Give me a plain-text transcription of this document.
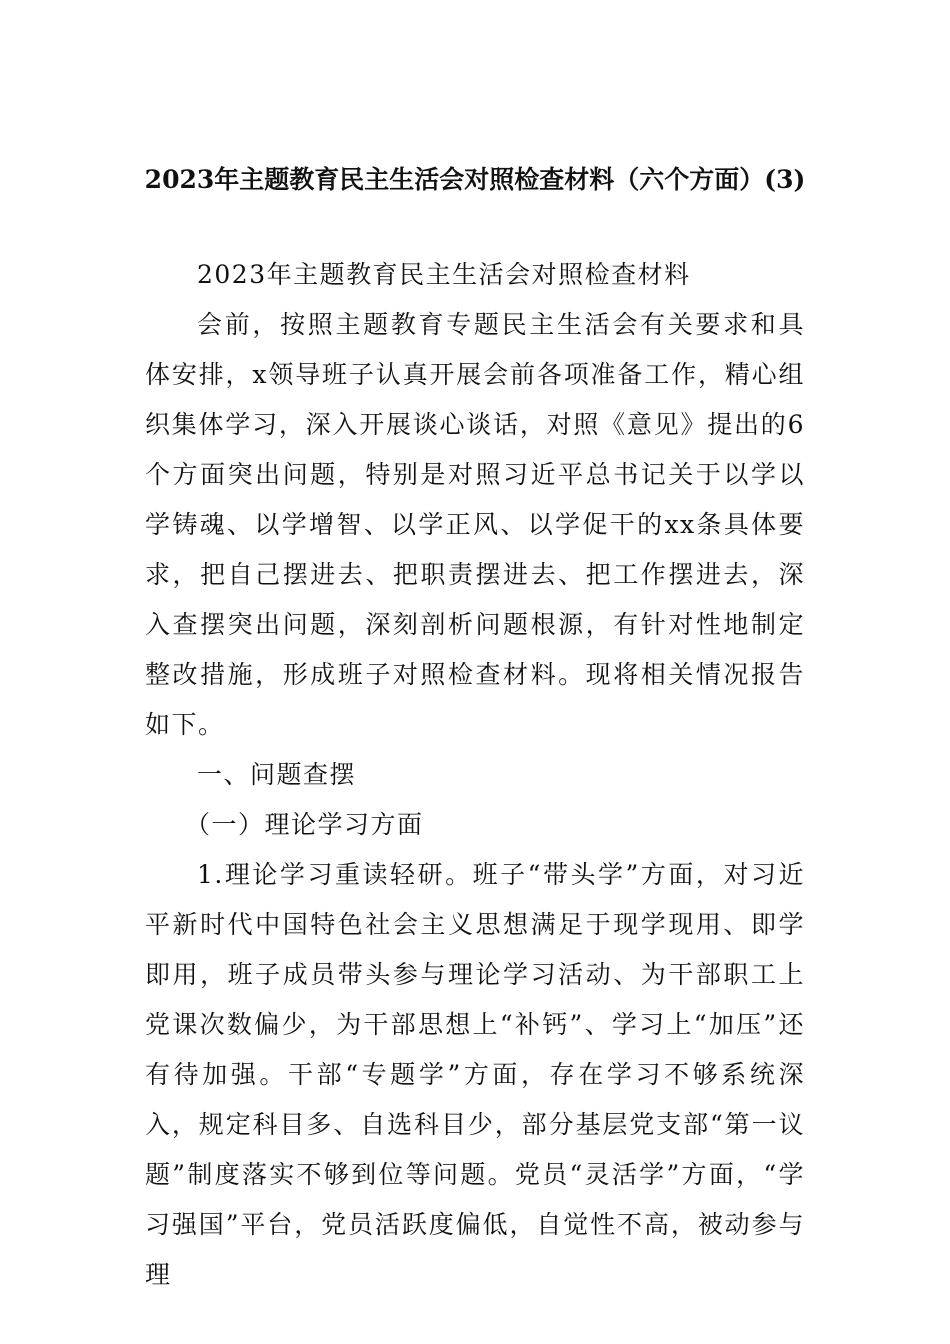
2023年主题教育民主生活会对照检查材料（六个方面）(3)

2023年主题教育民主生活会对照检查材料

会前，按照主题教育专题民主生活会有关要求和具体安排，x领导班子认真开展会前各项准备工作，精心组织集体学习，深入开展谈心谈话，对照《意见》提出的6个方面突出问题，特别是对照习近平总书记关于以学以学铸魂、以学增智、以学正风、以学促干的xx条具体要求，把自己摆进去、把职责摆进去、把工作摆进去，深入查摆突出问题，深刻剖析问题根源，有针对性地制定整改措施，形成班子对照检查材料。现将相关情况报告如下。

一、问题查摆

（一）理论学习方面

1.理论学习重读轻研。班子“带头学”方面，对习近平新时代中国特色社会主义思想满足于现学现用、即学即用，班子成员带头参与理论学习活动、为干部职工上党课次数偏少，为干部思想上“补钙”、学习上“加压”还有待加强。干部“专题学”方面，存在学习不够系统深入，规定科目多、自选科目少，部分基层党支部“第一议题”制度落实不够到位等问题。党员“灵活学”方面，“学习强国”平台，党员活跃度偏低，自觉性不高，被动参与理
